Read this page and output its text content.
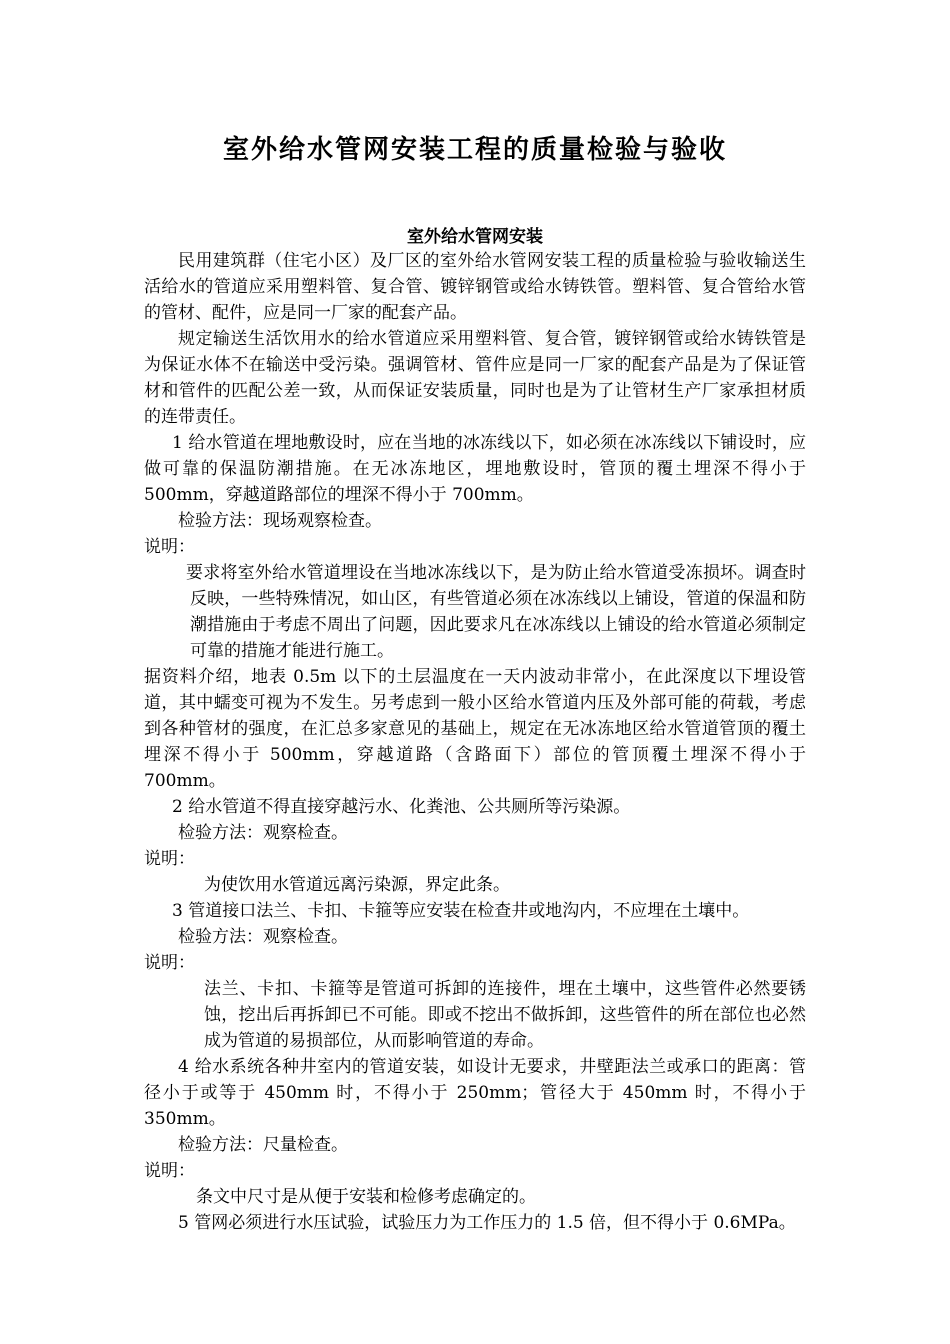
室外给水管网安装工程的质量检验与验收
室外给水管网安装

民用建筑群（住宅小区）及厂区的室外给水管网安装工程的质量检验与验收输送生活给水的管道应采用塑料管、复合管、镀锌钢管或给水铸铁管。塑料管、复合管给水管的管材、配件，应是同一厂家的配套产品。

规定输送生活饮用水的给水管道应采用塑料管、复合管，镀锌钢管或给水铸铁管是为保证水体不在输送中受污染。强调管材、管件应是同一厂家的配套产品是为了保证管材和管件的匹配公差一致，从而保证安装质量，同时也是为了让管材生产厂家承担材质的连带责任。

1 给水管道在埋地敷设时，应在当地的冰冻线以下，如必须在冰冻线以下铺设时，应做可靠的保温防潮措施。在无冰冻地区，埋地敷设时，管顶的覆土埋深不得小于 500mm，穿越道路部位的埋深不得小于 700mm。

检验方法：现场观察检查。

说明：

要求将室外给水管道埋设在当地冰冻线以下，是为防止给水管道受冻损坏。调查时反映，一些特殊情况，如山区，有些管道必须在冰冻线以上铺设，管道的保温和防潮措施由于考虑不周出了问题，因此要求凡在冰冻线以上铺设的给水管道必须制定可靠的措施才能进行施工。

据资料介绍，地表 0.5m 以下的土层温度在一天内波动非常小，在此深度以下埋设管道，其中蠕变可视为不发生。另考虑到一般小区给水管道内压及外部可能的荷载，考虑到各种管材的强度，在汇总多家意见的基础上，规定在无冰冻地区给水管道管顶的覆土埋深不得小于 500mm，穿越道路（含路面下）部位的管顶覆土埋深不得小于 700mm。

2 给水管道不得直接穿越污水、化粪池、公共厕所等污染源。

检验方法：观察检查。

说明：

为使饮用水管道远离污染源，界定此条。

3 管道接口法兰、卡扣、卡箍等应安装在检查井或地沟内，不应埋在土壤中。

检验方法：观察检查。

说明：

法兰、卡扣、卡箍等是管道可拆卸的连接件，埋在土壤中，这些管件必然要锈蚀，挖出后再拆卸已不可能。即或不挖出不做拆卸，这些管件的所在部位也必然成为管道的易损部位，从而影响管道的寿命。

4 给水系统各种井室内的管道安装，如设计无要求，井壁距法兰或承口的距离：管径小于或等于 450mm 时，不得小于 250mm；管径大于 450mm 时，不得小于 350mm。

检验方法：尺量检查。

说明：

条文中尺寸是从便于安装和检修考虑确定的。

5 管网必须进行水压试验，试验压力为工作压力的 1.5 倍，但不得小于 0.6MPa。
